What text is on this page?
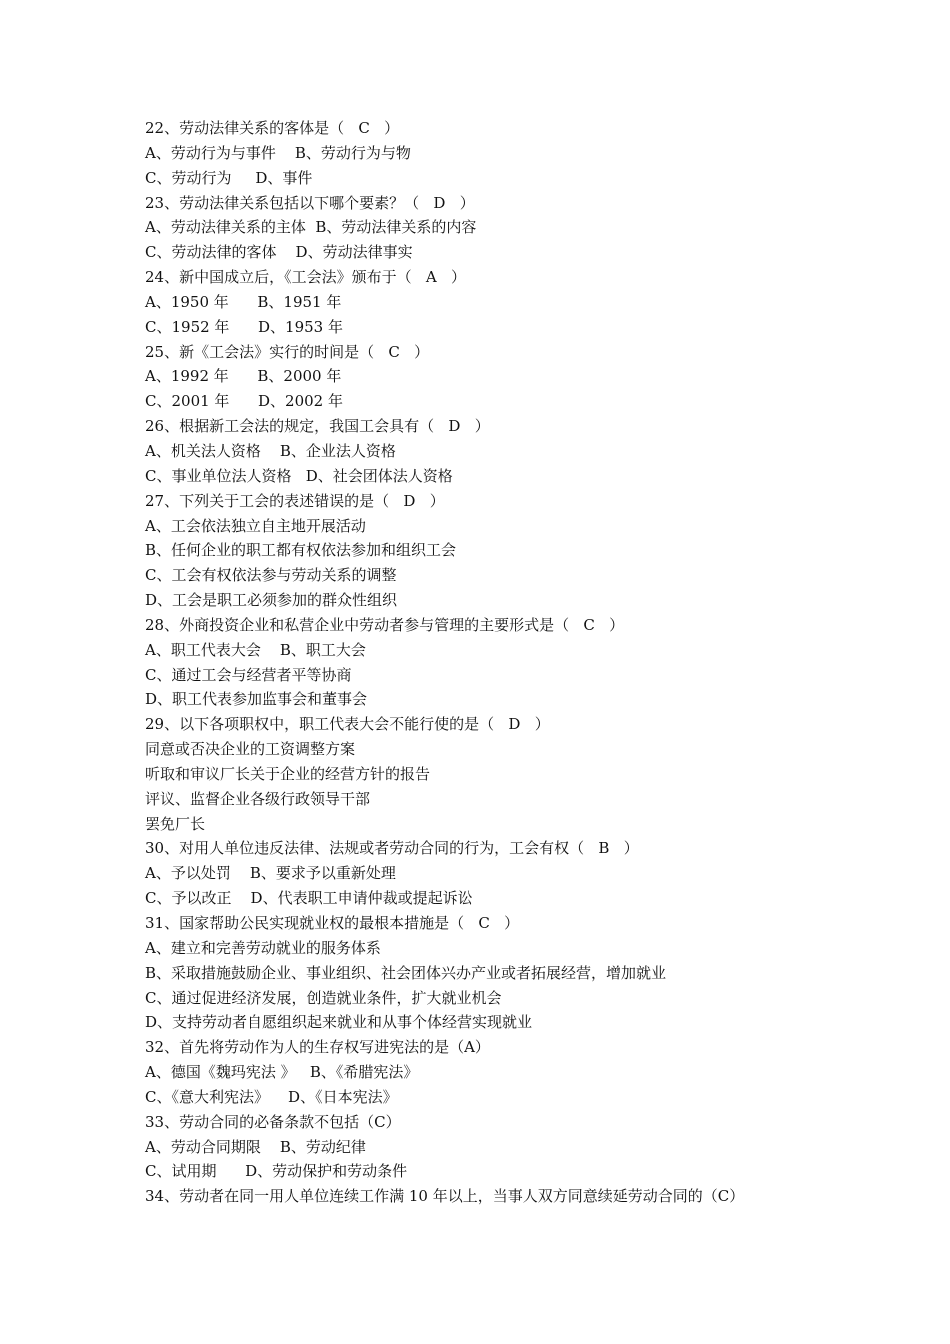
22、劳动法律关系的客体是（   C   ）
A、劳动行为与事件    B、劳动行为与物
C、劳动行为     D、事件
23、劳动法律关系包括以下哪个要素？（   D   ）
A、劳动法律关系的主体  B、劳动法律关系的内容
C、劳动法律的客体    D、劳动法律事实
24、新中国成立后，《工会法》颁布于（   A   ）
A、1950 年      B、1951 年
C、1952 年      D、1953 年
25、新《工会法》实行的时间是（   C   ）
A、1992 年      B、2000 年
C、2001 年      D、2002 年
26、根据新工会法的规定，我国工会具有（   D   ）
A、机关法人资格    B、企业法人资格
C、事业单位法人资格   D、社会团体法人资格
27、下列关于工会的表述错误的是（   D   ）
A、工会依法独立自主地开展活动
B、任何企业的职工都有权依法参加和组织工会
C、工会有权依法参与劳动关系的调整
D、工会是职工必须参加的群众性组织
28、外商投资企业和私营企业中劳动者参与管理的主要形式是（   C   ）
A、职工代表大会    B、职工大会
C、通过工会与经营者平等协商
D、职工代表参加监事会和董事会
29、以下各项职权中，职工代表大会不能行使的是（   D   ）
同意或否决企业的工资调整方案
听取和审议厂长关于企业的经营方针的报告
评议、监督企业各级行政领导干部
罢免厂长
30、对用人单位违反法律、法规或者劳动合同的行为，工会有权（   B   ）
A、予以处罚    B、要求予以重新处理
C、予以改正    D、代表职工申请仲裁或提起诉讼
31、国家帮助公民实现就业权的最根本措施是（   C   ）
A、建立和完善劳动就业的服务体系
B、采取措施鼓励企业、事业组织、社会团体兴办产业或者拓展经营，增加就业
C、通过促进经济发展，创造就业条件，扩大就业机会
D、支持劳动者自愿组织起来就业和从事个体经营实现就业
32、首先将劳动作为人的生存权写进宪法的是（A）
A、德国《魏玛宪法 》   B、《希腊宪法》
C、《意大利宪法》    D、《日本宪法》
33、劳动合同的必备条款不包括（C）
A、劳动合同期限    B、劳动纪律
C、试用期      D、劳动保护和劳动条件
34、劳动者在同一用人单位连续工作满 10 年以上，当事人双方同意续延劳动合同的（C）
